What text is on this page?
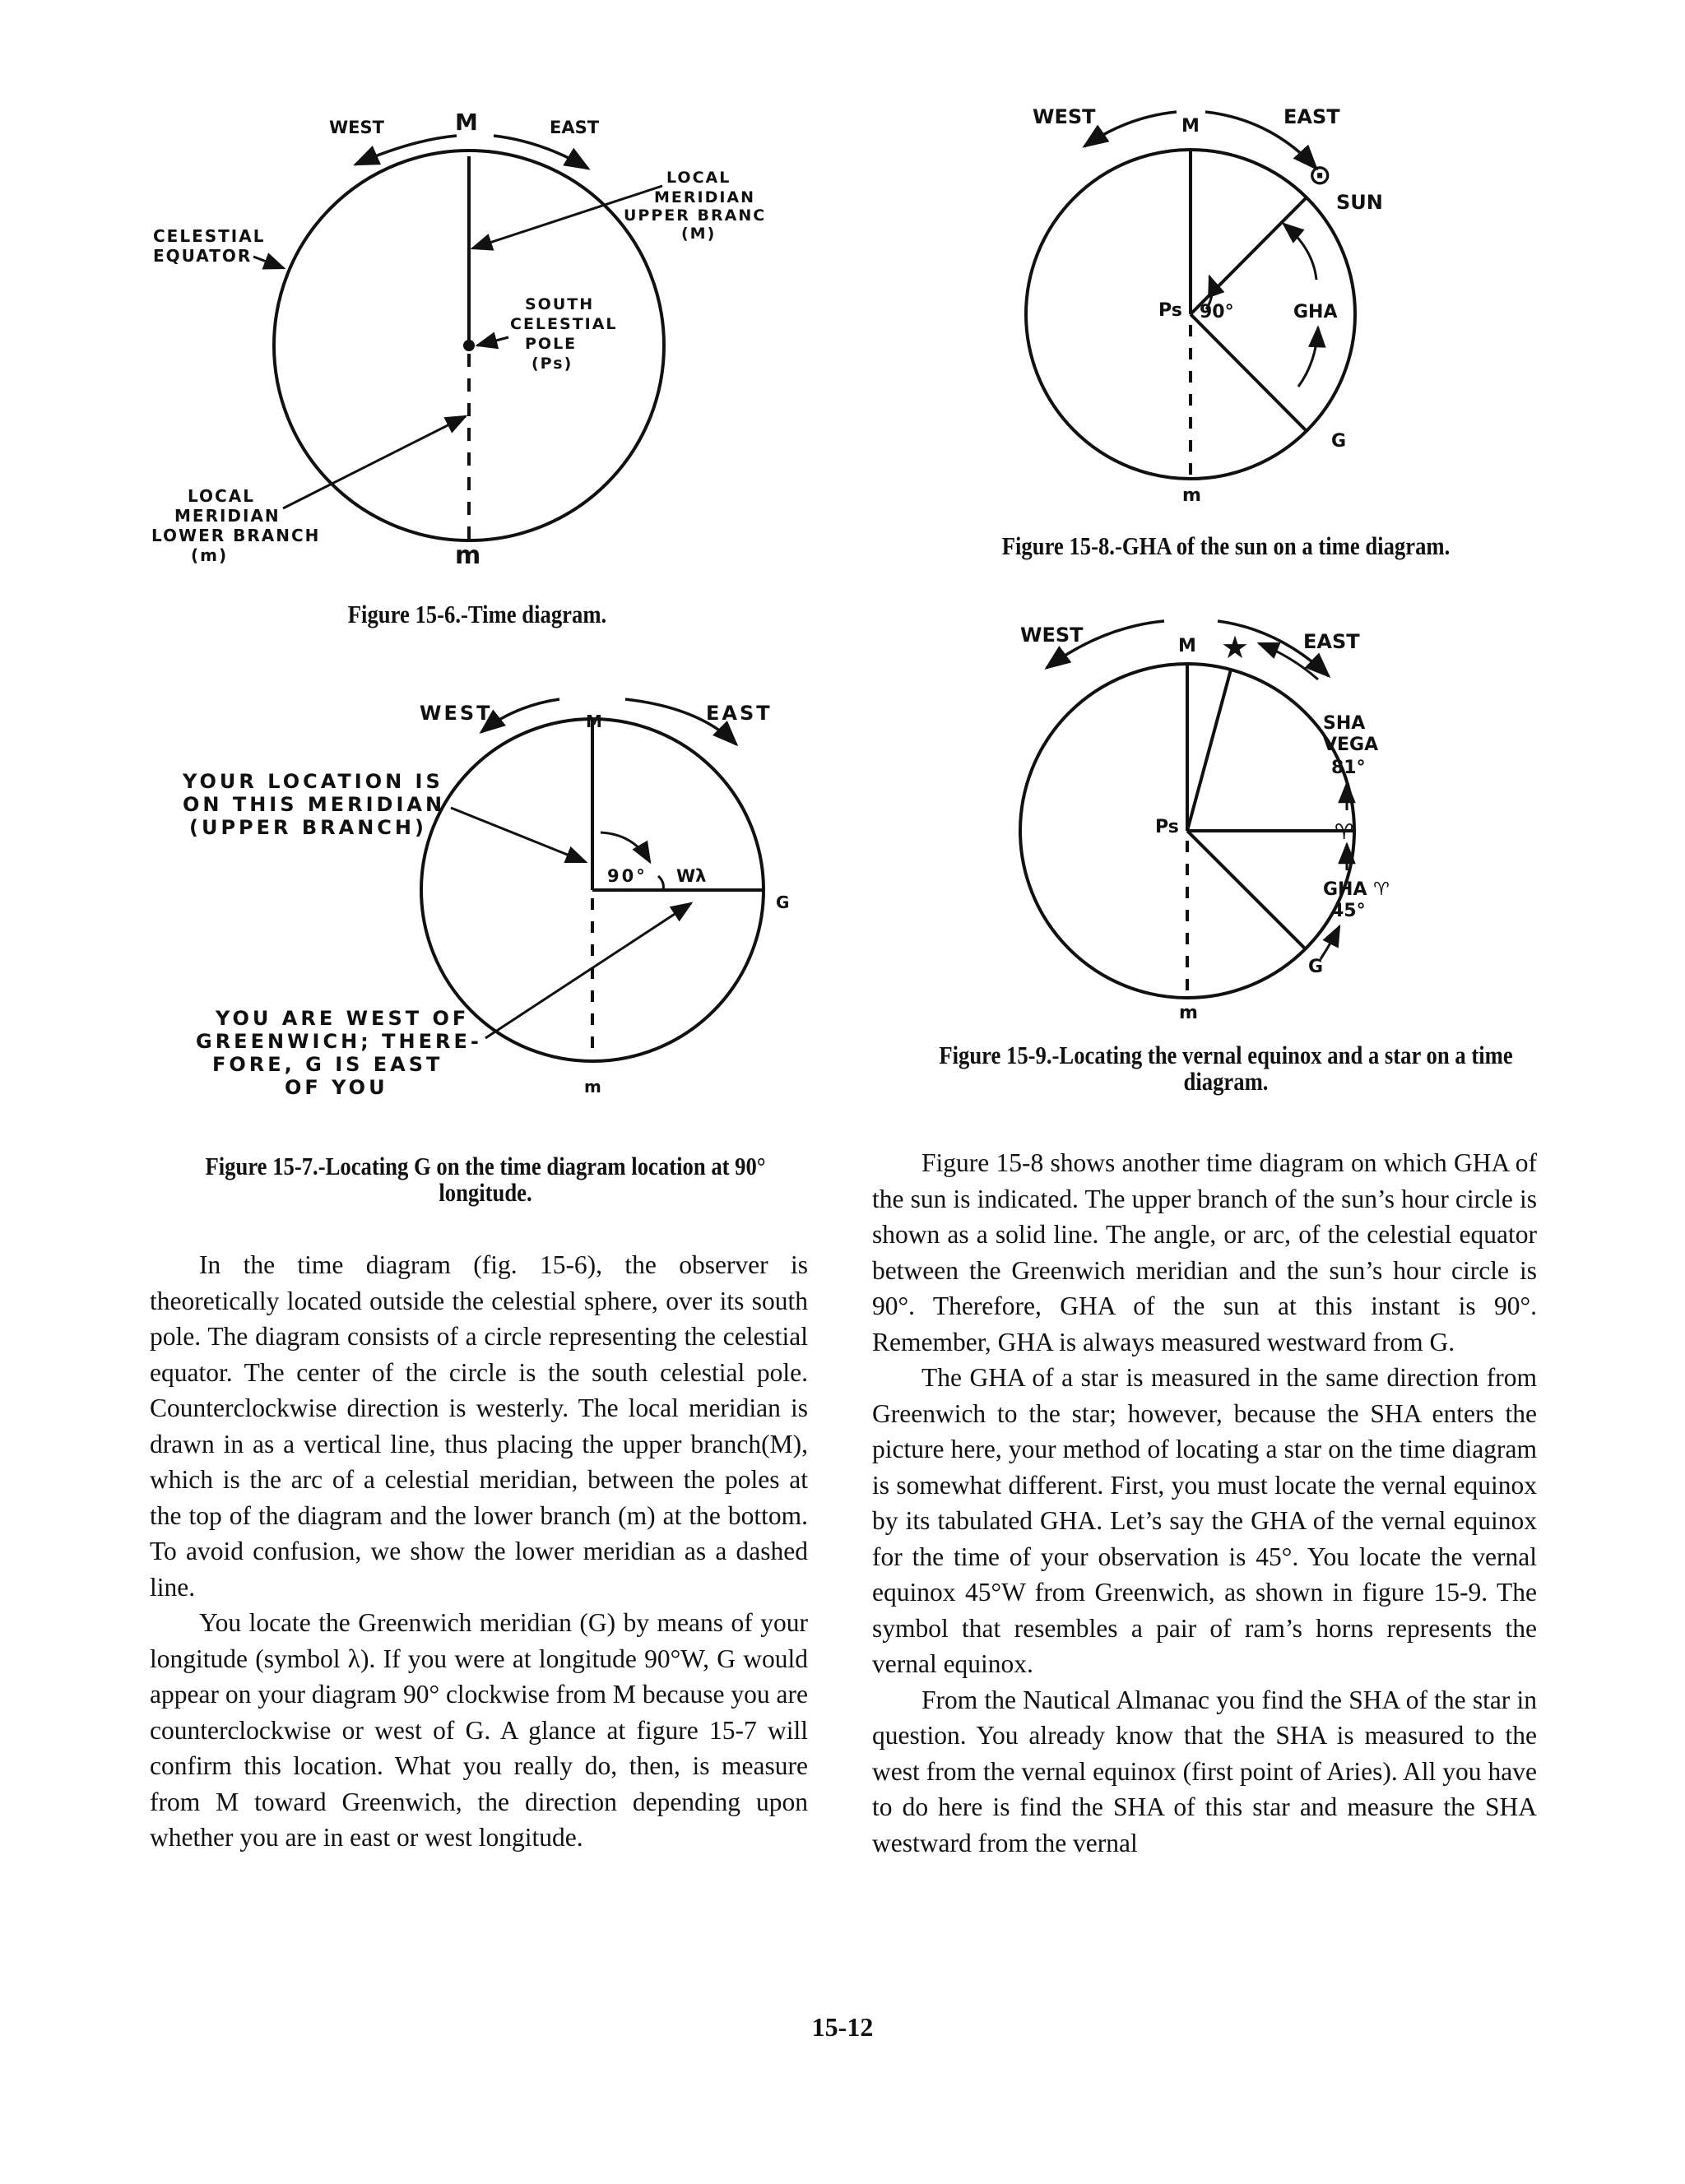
WEST	M	EAST
LOCAL
MERIDIAN
UPPER BRANC
(M)
CELESTIAL
EQUATOR
SOUTH
CELESTIAL
POLE
(Ps)
LOCAL
MERIDIAN
LOWER BRANCH
(m)	m
Figure 15-6.-Time diagram.
WEST	M	EAST
YOUR LOCATION IS
ON THIS MERIDIAN
(UPPER BRANCH)
90° Wλ
G
YOU ARE WEST OF
GREENWICH; THERE-
FORE, G IS EAST
OF YOU	m
Figure 15-7.-Locating G on the time diagram location at 90°
longitude.
WEST	M	EAST
⊙
SUN
Ps 90°	GHA
G
m
Figure 15-8.-GHA of the sun on a time diagram.
WEST	M ★	EAST
SHA
VEGA
81°
♈
GHA ♈
45°
G
Ps
m
Figure 15-9.-Locating the vernal equinox and a star on a time
diagram.

In the time diagram (fig. 15-6), the observer is theoretically located outside the celestial sphere, over its south pole. The diagram consists of a circle representing the celestial equator. The center of the circle is the south celestial pole. Counterclockwise direction is westerly. The local meridian is drawn in as a vertical line, thus placing the upper branch(M), which is the arc of a celestial meridian, between the poles at the top of the diagram and the lower branch (m) at the bottom. To avoid confusion, we show the lower meridian as a dashed line.

You locate the Greenwich meridian (G) by means of your longitude (symbol λ). If you were at longitude 90°W, G would appear on your diagram 90° clockwise from M because you are counterclockwise or west of G. A glance at figure 15-7 will confirm this location. What you really do, then, is measure from M toward Greenwich, the direction depending upon whether you are in east or west longitude.

Figure 15-8 shows another time diagram on which GHA of the sun is indicated. The upper branch of the sun’s hour circle is shown as a solid line. The angle, or arc, of the celestial equator between the Greenwich meridian and the sun’s hour circle is 90°. Therefore, GHA of the sun at this instant is 90°. Remember, GHA is always measured westward from G.

The GHA of a star is measured in the same direction from Greenwich to the star; however, because the SHA enters the picture here, your method of locating a star on the time diagram is somewhat different. First, you must locate the vernal equinox by its tabulated GHA. Let’s say the GHA of the vernal equinox for the time of your observation is 45°. You locate the vernal equinox 45°W from Greenwich, as shown in figure 15-9. The symbol that resembles a pair of ram’s horns represents the vernal equinox.

From the Nautical Almanac you find the SHA of the star in question. You already know that the SHA is measured to the west from the vernal equinox (first point of Aries). All you have to do here is find the SHA of this star and measure the SHA westward from the vernal

15-12
